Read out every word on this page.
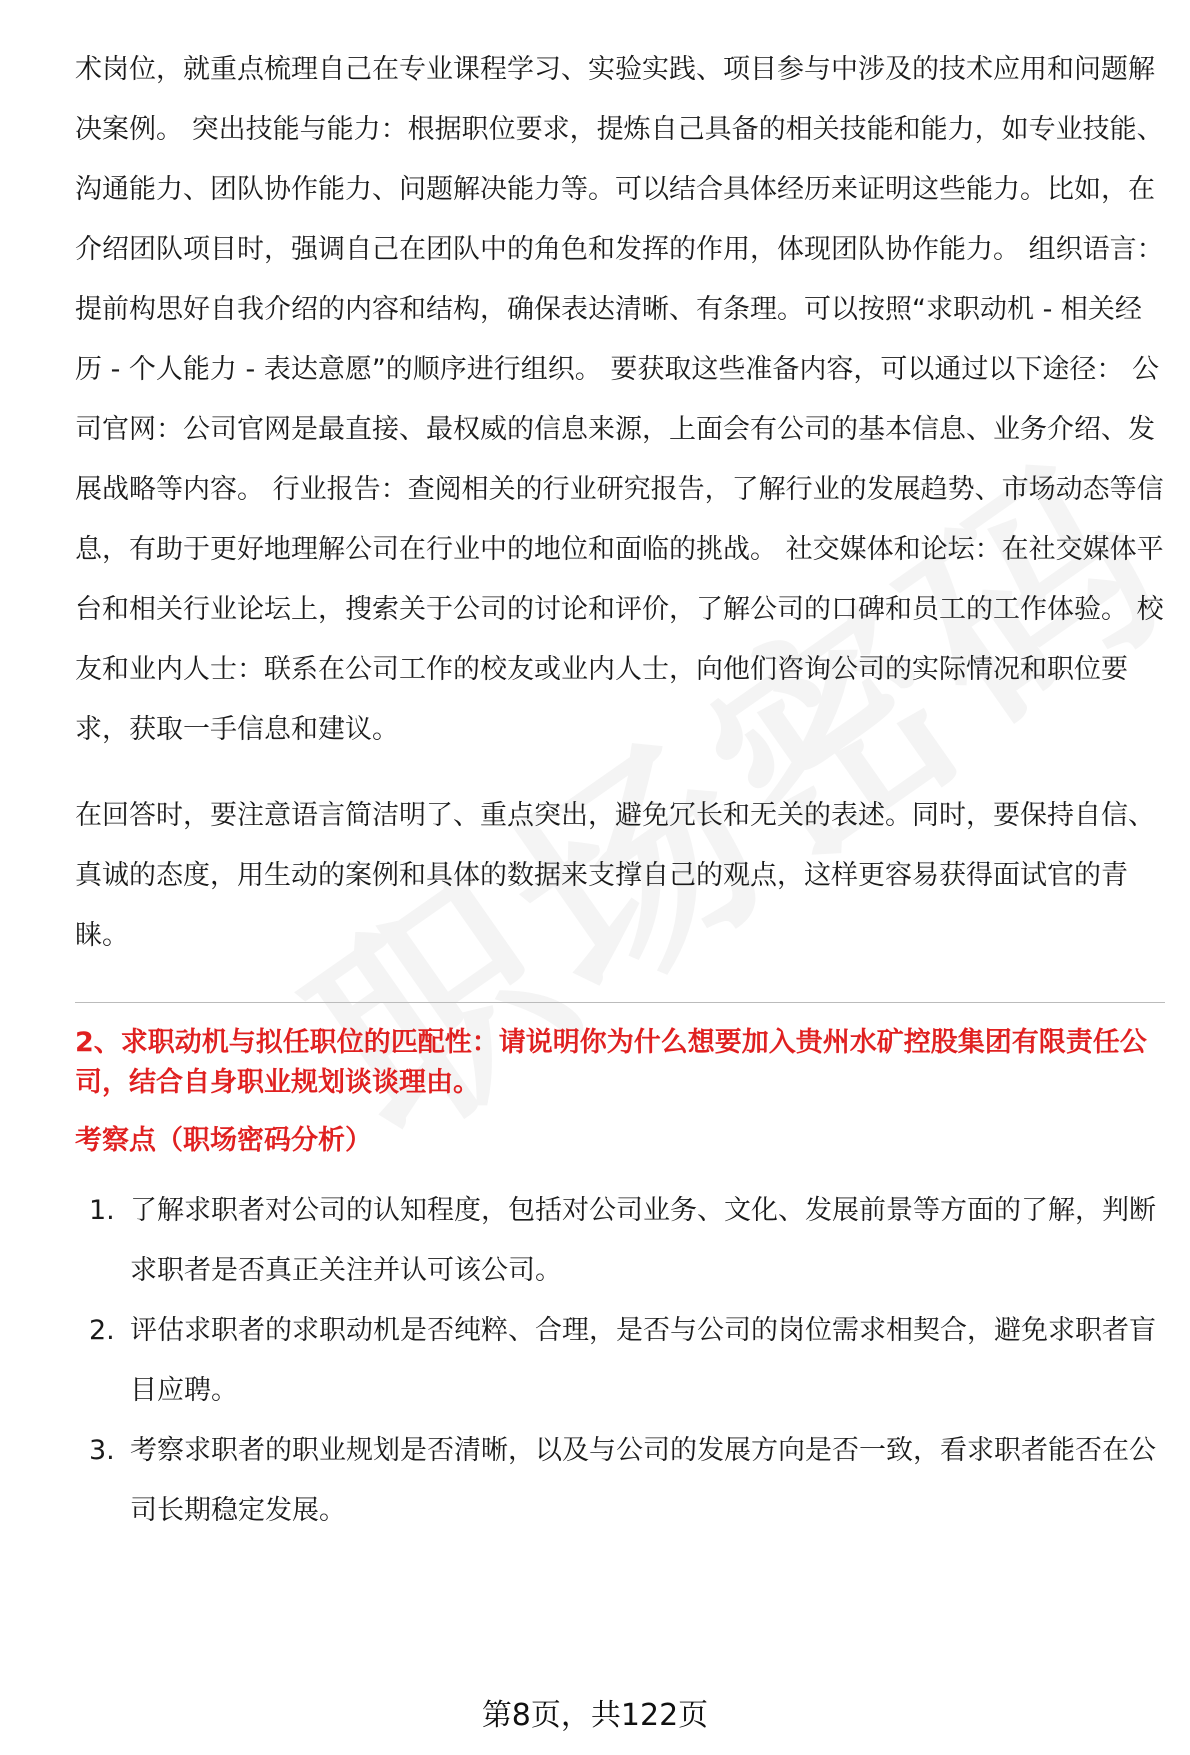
术岗位，就重点梳理自己在专业课程学习、实验实践、项目参与中涉及的技术应用和问题解决案例。 突出技能与能力：根据职位要求，提炼自己具备的相关技能和能力，如专业技能、沟通能力、团队协作能力、问题解决能力等。可以结合具体经历来证明这些能力。比如，在介绍团队项目时，强调自己在团队中的角色和发挥的作用，体现团队协作能力。 组织语言：提前构思好自我介绍的内容和结构，确保表达清晰、有条理。可以按照“求职动机 - 相关经历 - 个人能力 - 表达意愿”的顺序进行组织。 要获取这些准备内容，可以通过以下途径： 公司官网：公司官网是最直接、最权威的信息来源，上面会有公司的基本信息、业务介绍、发展战略等内容。 行业报告：查阅相关的行业研究报告，了解行业的发展趋势、市场动态等信息，有助于更好地理解公司在行业中的地位和面临的挑战。 社交媒体和论坛：在社交媒体平台和相关行业论坛上，搜索关于公司的讨论和评价，了解公司的口碑和员工的工作体验。 校友和业内人士：联系在公司工作的校友或业内人士，向他们咨询公司的实际情况和职位要求，获取一手信息和建议。

在回答时，要注意语言简洁明了、重点突出，避免冗长和无关的表述。同时，要保持自信、真诚的态度，用生动的案例和具体的数据来支撑自己的观点，这样更容易获得面试官的青睐。

2、求职动机与拟任职位的匹配性：请说明你为什么想要加入贵州水矿控股集团有限责任公司，结合自身职业规划谈谈理由。

考察点（职场密码分析）

1. 了解求职者对公司的认知程度，包括对公司业务、文化、发展前景等方面的了解，判断求职者是否真正关注并认可该公司。
2. 评估求职者的求职动机是否纯粹、合理，是否与公司的岗位需求相契合，避免求职者盲目应聘。
3. 考察求职者的职业规划是否清晰，以及与公司的发展方向是否一致，看求职者能否在公司长期稳定发展。
第8页，共122页
